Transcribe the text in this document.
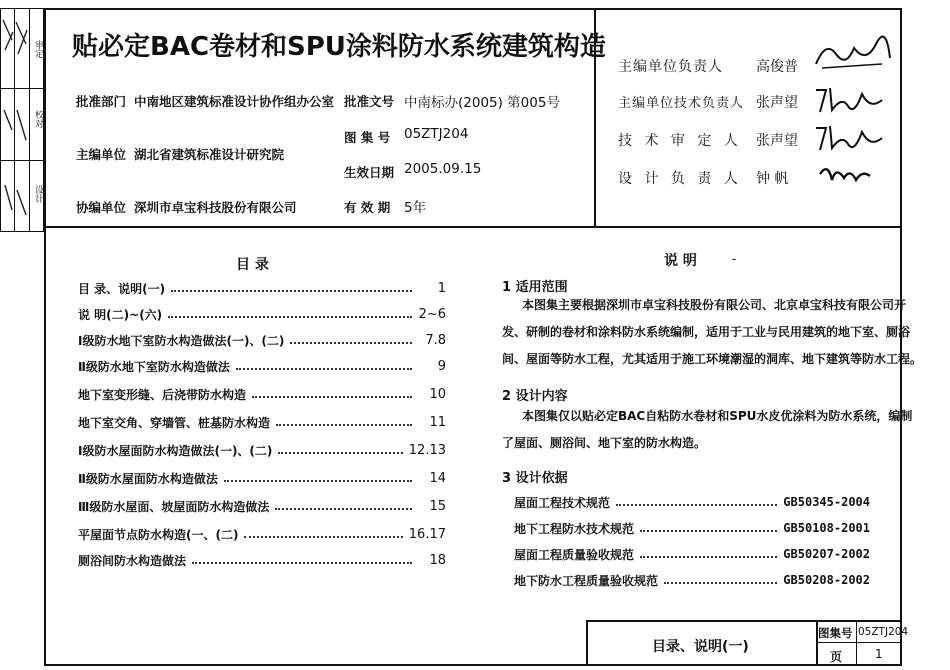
审定
校对
设计
贴必定BAC卷材和SPU涂料防水系统建筑构造
批准部门 中南地区建筑标准设计协作组办公室 批准文号 中南标办(2005) 第005号
图 集 号 05ZTJ204
主编单位 湖北省建筑标准设计研究院
生效日期 2005.09.15
协编单位 深圳市卓宝科技股份有限公司	有 效 期 5年
主编单位负责人 高俊普
主编单位技术负责人 张声望
技 术 审 定 人 张声望
设 计 负 责 人 钟 帆
目 录
目 录、说明(一)	1
说 明(二)~(六)	2~6
Ⅰ级防水地下室防水构造做法(一)、(二)	7.8
Ⅱ级防水地下室防水构造做法	9
地下室变形缝、后浇带防水构造	10
地下室交角、穿墙管、桩基防水构造	11
Ⅰ级防水屋面防水构造做法(一)、(二)	12.13
Ⅱ级防水屋面防水构造做法	14
Ⅲ级防水屋面、坡屋面防水构造做法	15
平屋面节点防水构造(一、(二)	16.17
厕浴间防水构造做法	18
说 明	-
1 适用范围
本图集主要根据深圳市卓宝科技股份有限公司、北京卓宝科技有限公司开
发、研制的卷材和涂料防水系统编制，适用于工业与民用建筑的地下室、厕浴
间、屋面等防水工程，尤其适用于施工环境潮湿的洞库、地下建筑等防水工程。
2 设计内容
本图集仅以贴必定BAC自粘防水卷材和SPU水皮优涂料为防水系统，编制
了屋面、厕浴间、地下室的防水构造。
3 设计依据
屋面工程技术规范	GB50345-2004
地下工程防水技术规范	GB50108-2001
屋面工程质量验收规范	GB50207-2002
地下防水工程质量验收规范	GB50208-2002
目录、说明(一)
图集号 05ZTJ204
页	1
